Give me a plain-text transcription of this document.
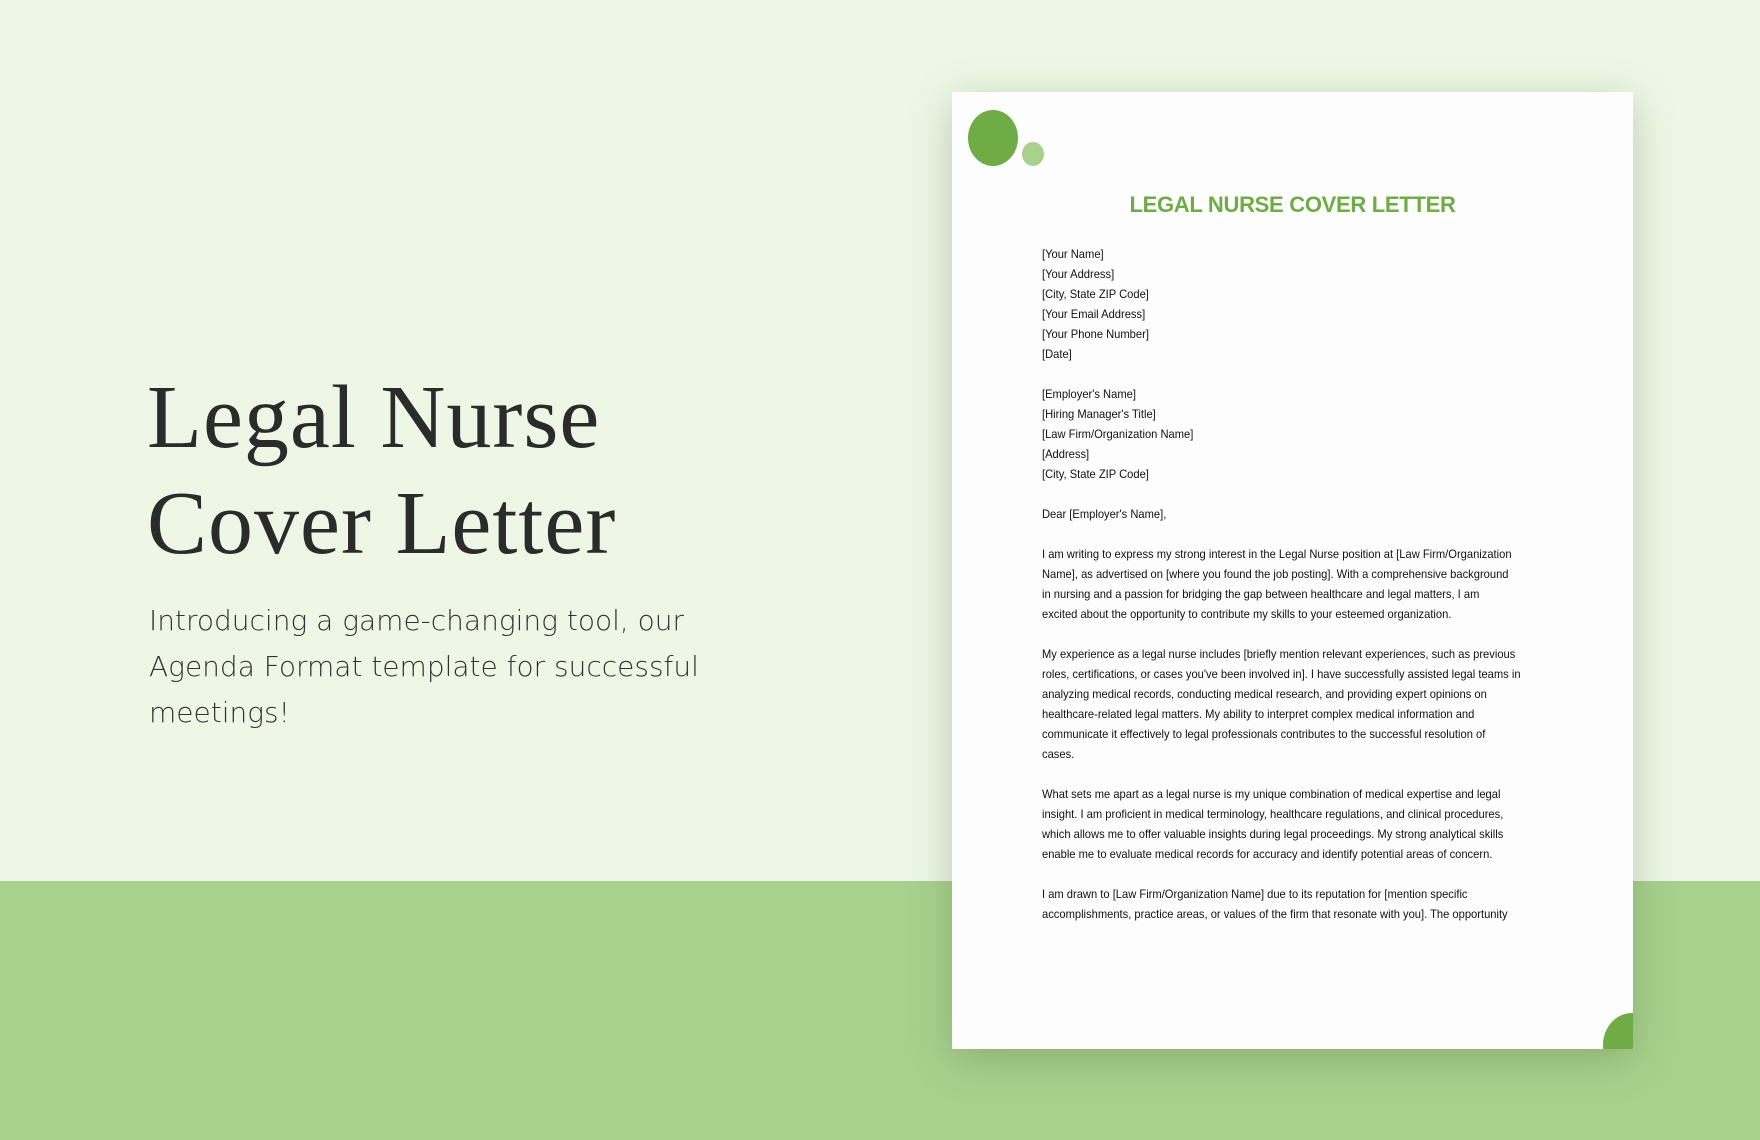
Legal Nurse
Cover Letter

Introducing a game-changing tool, our Agenda Format template for successful meetings!

LEGAL NURSE COVER LETTER
[Your Name]
[Your Address]
[City, State ZIP Code]
[Your Email Address]
[Your Phone Number]
[Date]
[Employer's Name]
[Hiring Manager's Title]
[Law Firm/Organization Name]
[Address]
[City, State ZIP Code]
Dear [Employer's Name],
I am writing to express my strong interest in the Legal Nurse position at [Law Firm/Organization
Name], as advertised on [where you found the job posting]. With a comprehensive background
in nursing and a passion for bridging the gap between healthcare and legal matters, I am
excited about the opportunity to contribute my skills to your esteemed organization.
My experience as a legal nurse includes [briefly mention relevant experiences, such as previous
roles, certifications, or cases you've been involved in]. I have successfully assisted legal teams in
analyzing medical records, conducting medical research, and providing expert opinions on
healthcare-related legal matters. My ability to interpret complex medical information and
communicate it effectively to legal professionals contributes to the successful resolution of
cases.
What sets me apart as a legal nurse is my unique combination of medical expertise and legal
insight. I am proficient in medical terminology, healthcare regulations, and clinical procedures,
which allows me to offer valuable insights during legal proceedings. My strong analytical skills
enable me to evaluate medical records for accuracy and identify potential areas of concern.
I am drawn to [Law Firm/Organization Name] due to its reputation for [mention specific
accomplishments, practice areas, or values of the firm that resonate with you]. The opportunity
